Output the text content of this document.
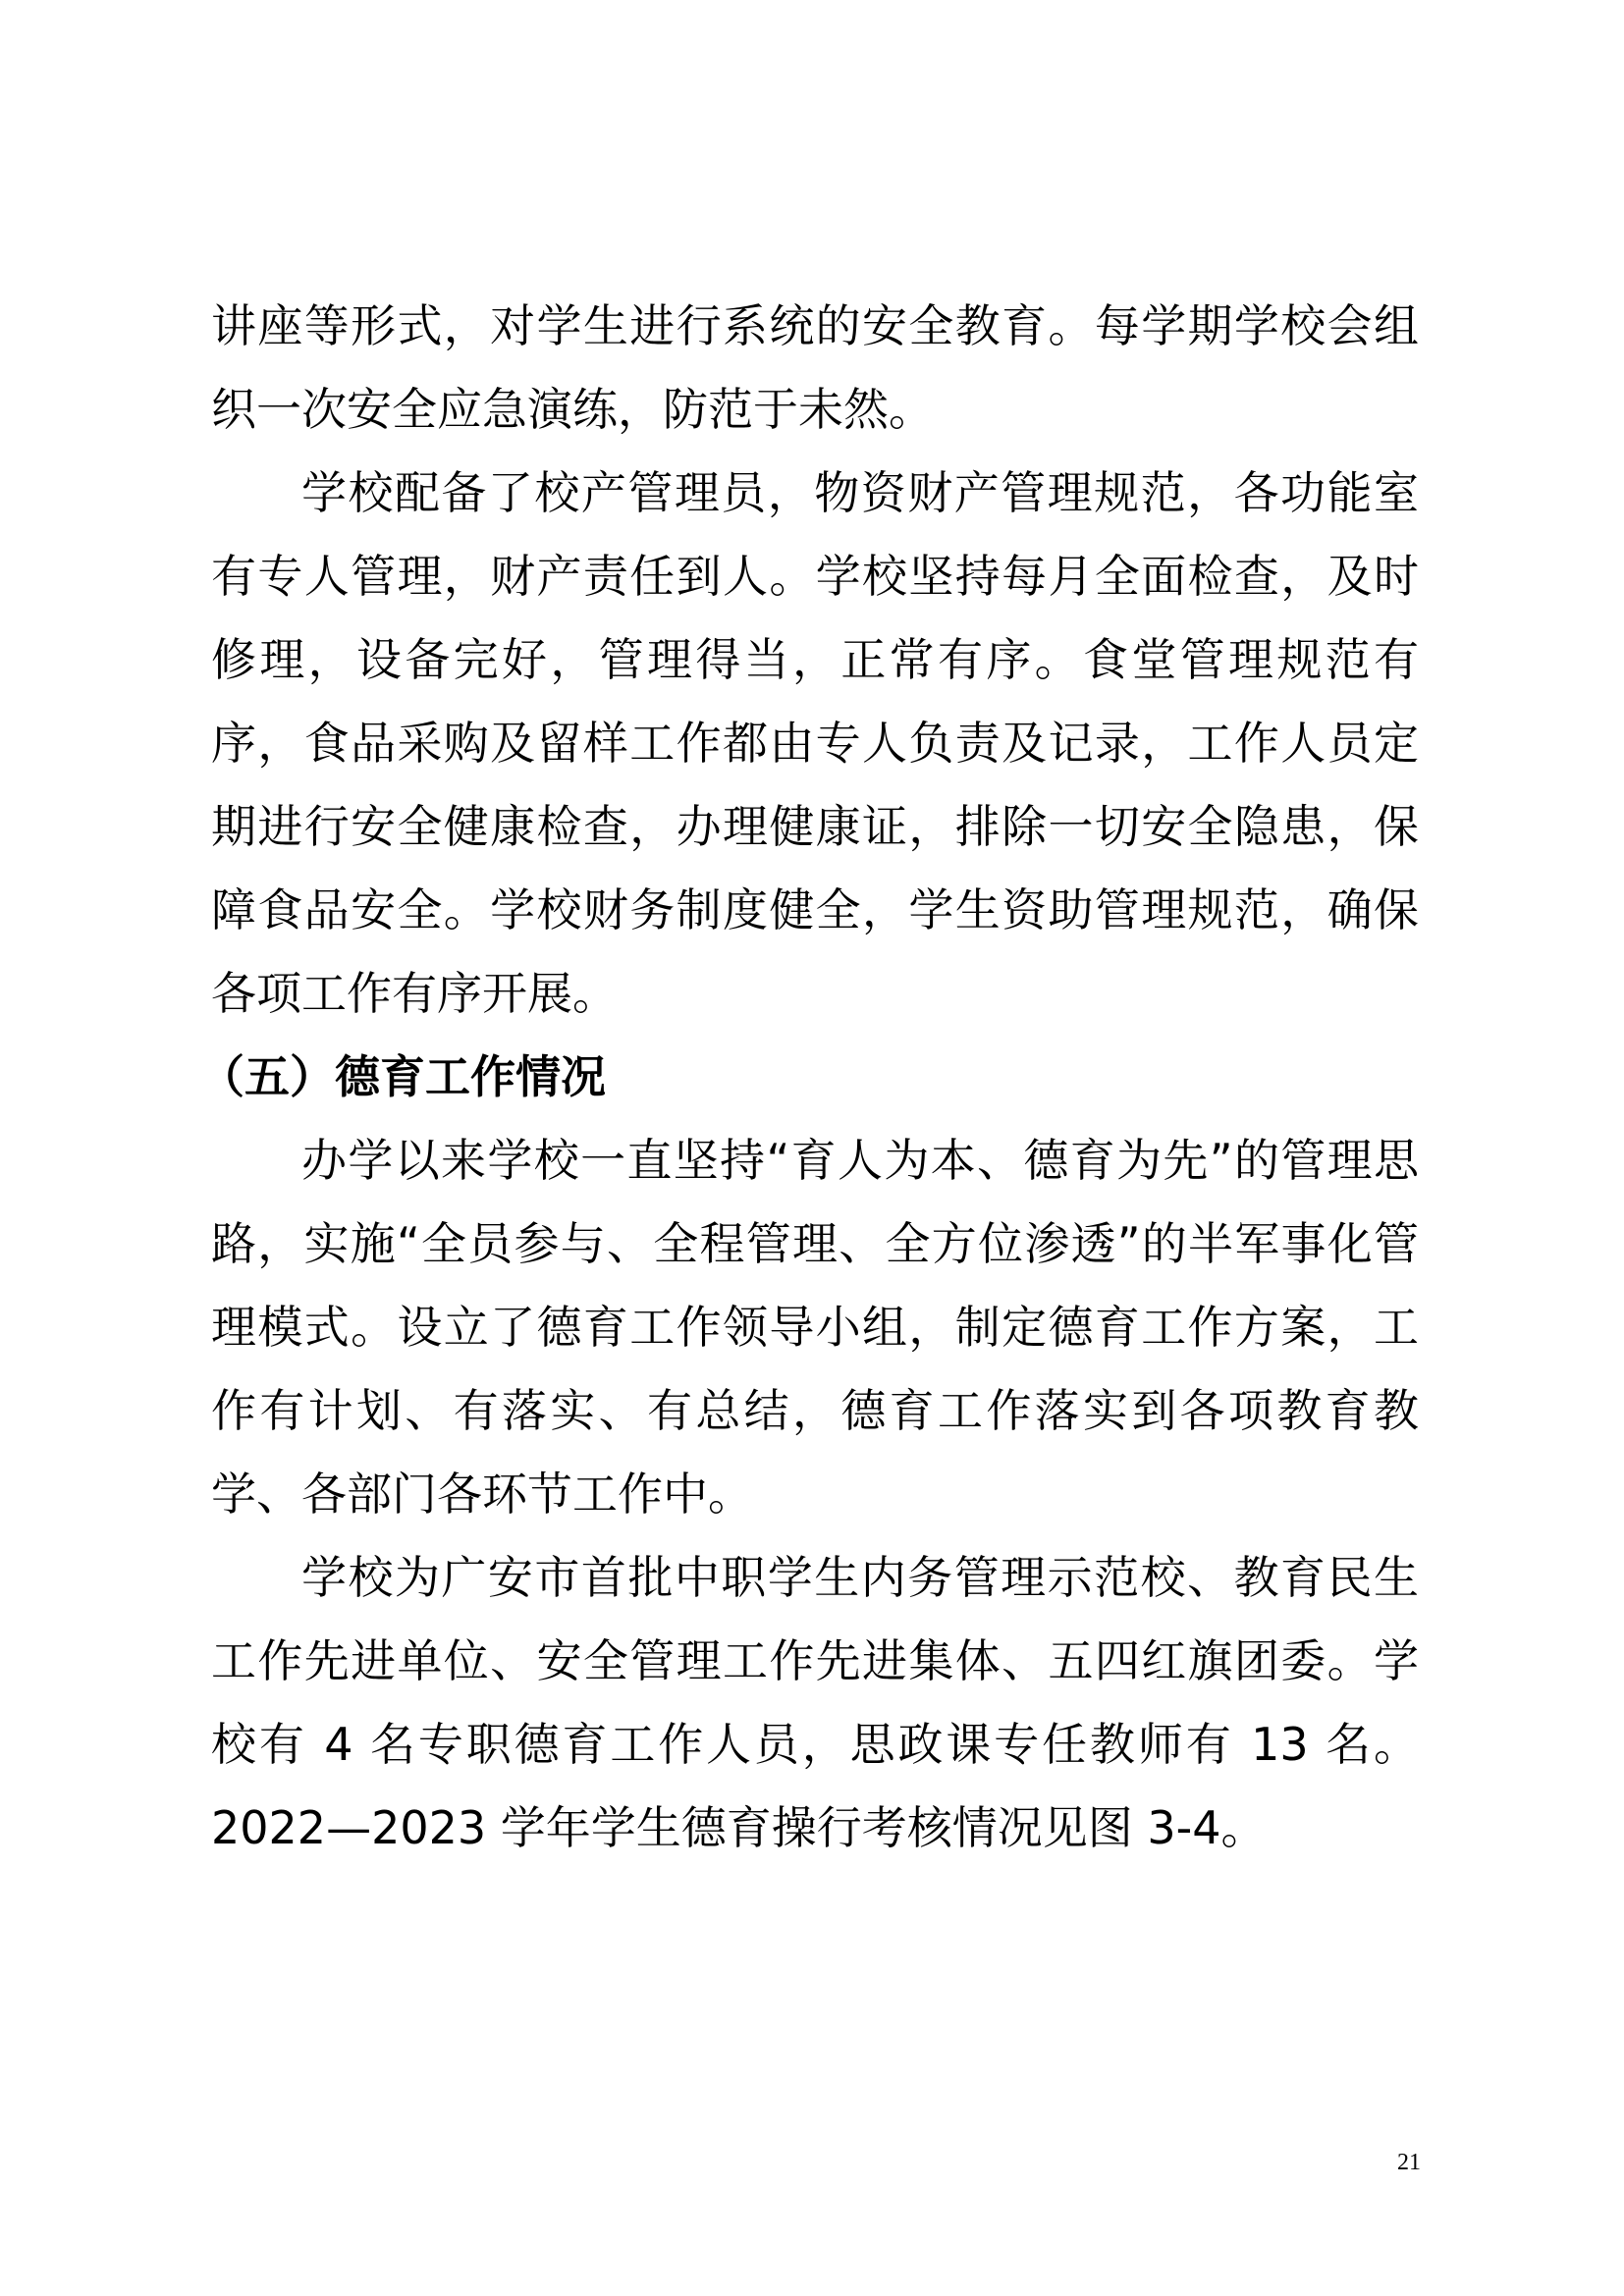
讲座等形式，对学生进行系统的安全教育。每学期学校会组织一次安全应急演练，防范于未然。

学校配备了校产管理员，物资财产管理规范，各功能室有专人管理，财产责任到人。学校坚持每月全面检查，及时修理，设备完好，管理得当，正常有序。食堂管理规范有序，食品采购及留样工作都由专人负责及记录，工作人员定期进行安全健康检查，办理健康证，排除一切安全隐患，保障食品安全。学校财务制度健全，学生资助管理规范，确保各项工作有序开展。

（五）德育工作情况

办学以来学校一直坚持“育人为本、德育为先”的管理思路，实施“全员参与、全程管理、全方位渗透”的半军事化管理模式。设立了德育工作领导小组，制定德育工作方案，工作有计划、有落实、有总结，德育工作落实到各项教育教学、各部门各环节工作中。

学校为广安市首批中职学生内务管理示范校、教育民生工作先进单位、安全管理工作先进集体、五四红旗团委。学校有 4 名专职德育工作人员，思政课专任教师有 13 名。2022—2023 学年学生德育操行考核情况见图 3-4。

21
